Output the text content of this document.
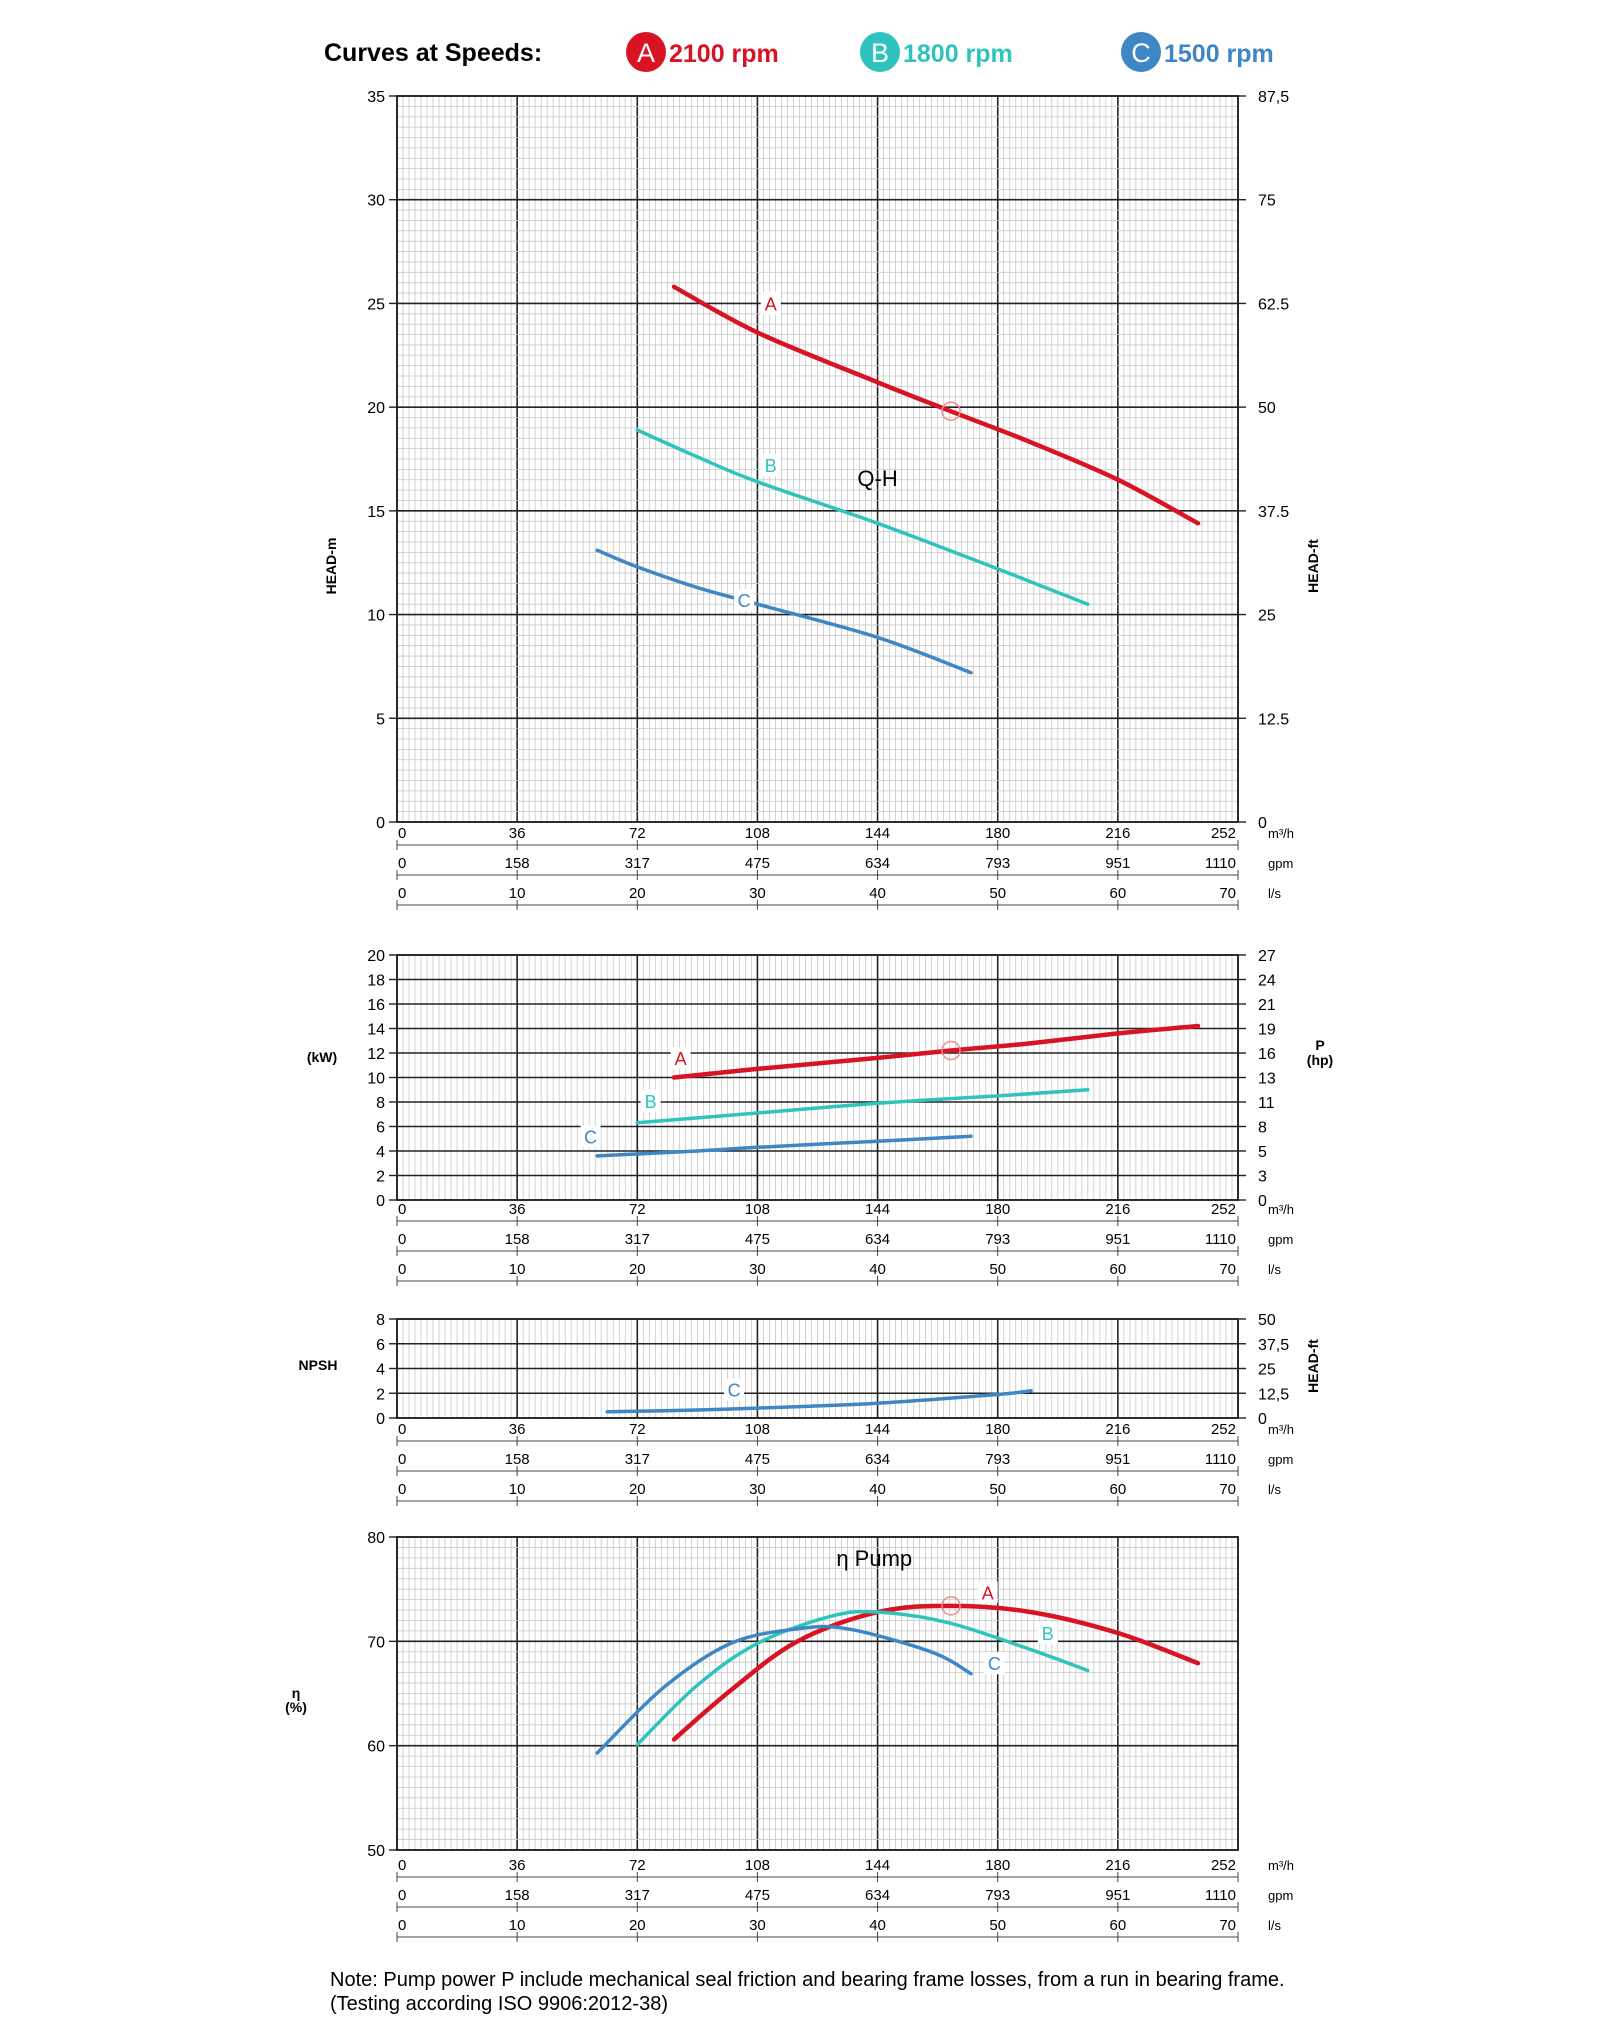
Curves at Speeds:	A 2100 rpm	B 1800 rpm	C 1500 rpm
0
5
10
15
20
25
30
35
0
12.5
25
37.5
50
62.5
75
87,5
HEAD-m	HEAD-ft
0	36	72	108	144	180	216	252 m³/h
0	158	317	475	634	793	951	1110 gpm
0	10	20	30	40	50	60	70 l/s
A
B
C
Q-H
0
2
4
6
8
10
12
14
16
18
20
0
3
5
8
11
13
16
19
21
24
27
(kW)
P
(hp)
0	36	72	108	144	180	216	252 m³/h
0	158	317	475	634	793	951	1110 gpm
0	10	20	30	40	50	60	70 l/s
A
B
C
0
2
4
6
8
0
12,5
25
37,5
50
NPSH	HEAD-ft
0	36	72	108	144	180	216	252 m³/h
0	158	317	475	634	793	951	1110 gpm
0	10	20	30	40	50	60	70 l/s
C
50
60
70
80
η
(%)
0	36	72	108	144	180	216	252 m³/h
0	158	317	475	634	793	951	1110 gpm
0	10	20	30	40	50	60	70 l/s
A
B
C
η Pump
Note: Pump power P include mechanical seal friction and bearing frame losses, from a run in bearing frame.
(Testing according ISO 9906:2012-38)
